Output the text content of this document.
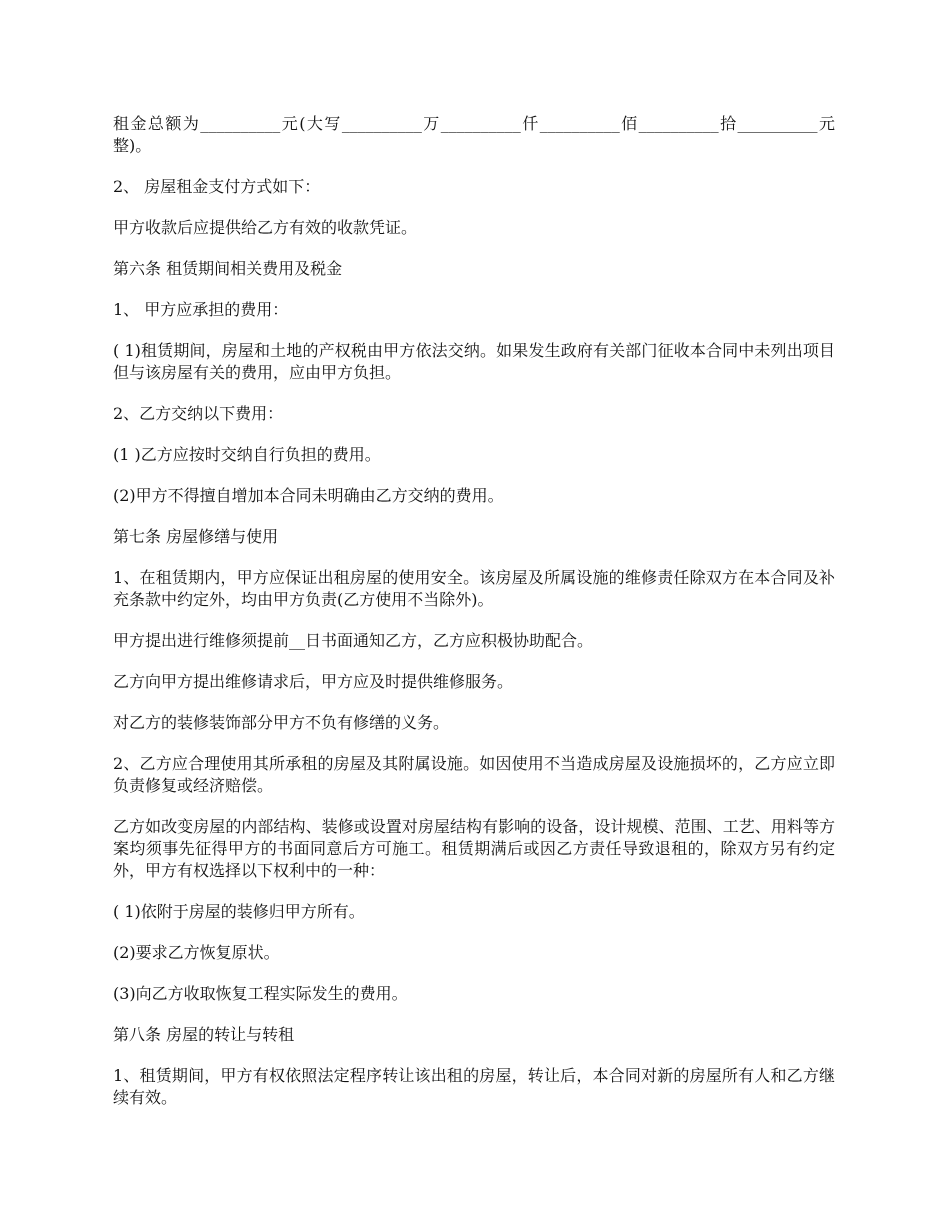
租金总额为__________元(大写__________万__________仟__________佰__________拾__________元整)。

2、 房屋租金支付方式如下：

甲方收款后应提供给乙方有效的收款凭证。

第六条 租赁期间相关费用及税金

1、 甲方应承担的费用：

( 1)租赁期间，房屋和土地的产权税由甲方依法交纳。如果发生政府有关部门征收本合同中未列出项目但与该房屋有关的费用，应由甲方负担。

2、乙方交纳以下费用：

(1 )乙方应按时交纳自行负担的费用。

(2)甲方不得擅自增加本合同未明确由乙方交纳的费用。

第七条 房屋修缮与使用

1、在租赁期内，甲方应保证出租房屋的使用安全。该房屋及所属设施的维修责任除双方在本合同及补充条款中约定外，均由甲方负责(乙方使用不当除外)。

甲方提出进行维修须提前__日书面通知乙方，乙方应积极协助配合。

乙方向甲方提出维修请求后，甲方应及时提供维修服务。

对乙方的装修装饰部分甲方不负有修缮的义务。

2、乙方应合理使用其所承租的房屋及其附属设施。如因使用不当造成房屋及设施损坏的，乙方应立即负责修复或经济赔偿。

乙方如改变房屋的内部结构、装修或设置对房屋结构有影响的设备，设计规模、范围、工艺、用料等方案均须事先征得甲方的书面同意后方可施工。租赁期满后或因乙方责任导致退租的，除双方另有约定外，甲方有权选择以下权利中的一种：

( 1)依附于房屋的装修归甲方所有。

(2)要求乙方恢复原状。

(3)向乙方收取恢复工程实际发生的费用。

第八条 房屋的转让与转租

1、租赁期间，甲方有权依照法定程序转让该出租的房屋，转让后，本合同对新的房屋所有人和乙方继续有效。
